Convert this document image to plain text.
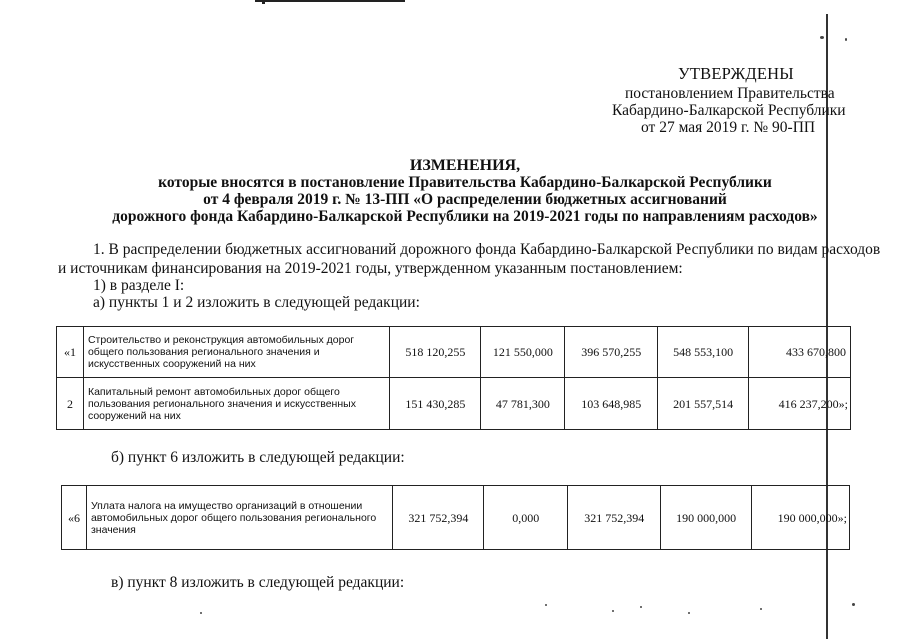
УТВЕРЖДЕНЫ
постановлением Правительства
Кабардино-Балкарской Республики
от 27 мая 2019 г. № 90-ПП
ИЗМЕНЕНИЯ,
которые вносятся в постановление Правительства Кабардино-Балкарской Республики
от 4 февраля 2019 г. № 13-ПП «О распределении бюджетных ассигнований
дорожного фонда Кабардино-Балкарской Республики на 2019-2021 годы по направлениям расходов»
1. В распределении бюджетных ассигнований дорожного фонда Кабардино-Балкарской Республики по видам расходов
и источникам финансирования на 2019-2021 годы, утвержденном указанным постановлением:
1) в разделе I:
а) пункты 1 и 2 изложить в следующей редакции:
«1	Строительство и реконструкция автомобильных дорог общего пользования регионального значения и искусственных сооружений на них	518 120,255	121 550,000	396 570,255	548 553,100	433 670,800
2	Капитальный ремонт автомобильных дорог общего пользования регионального значения и искусственных сооружений на них	151 430,285	47 781,300	103 648,985	201 557,514	416 237,200»;
б) пункт 6 изложить в следующей редакции:
«6	Уплата налога на имущество организаций в отношении автомобильных дорог общего пользования регионального значения	321 752,394	0,000	321 752,394	190 000,000	190 000,000»;
в) пункт 8 изложить в следующей редакции:
